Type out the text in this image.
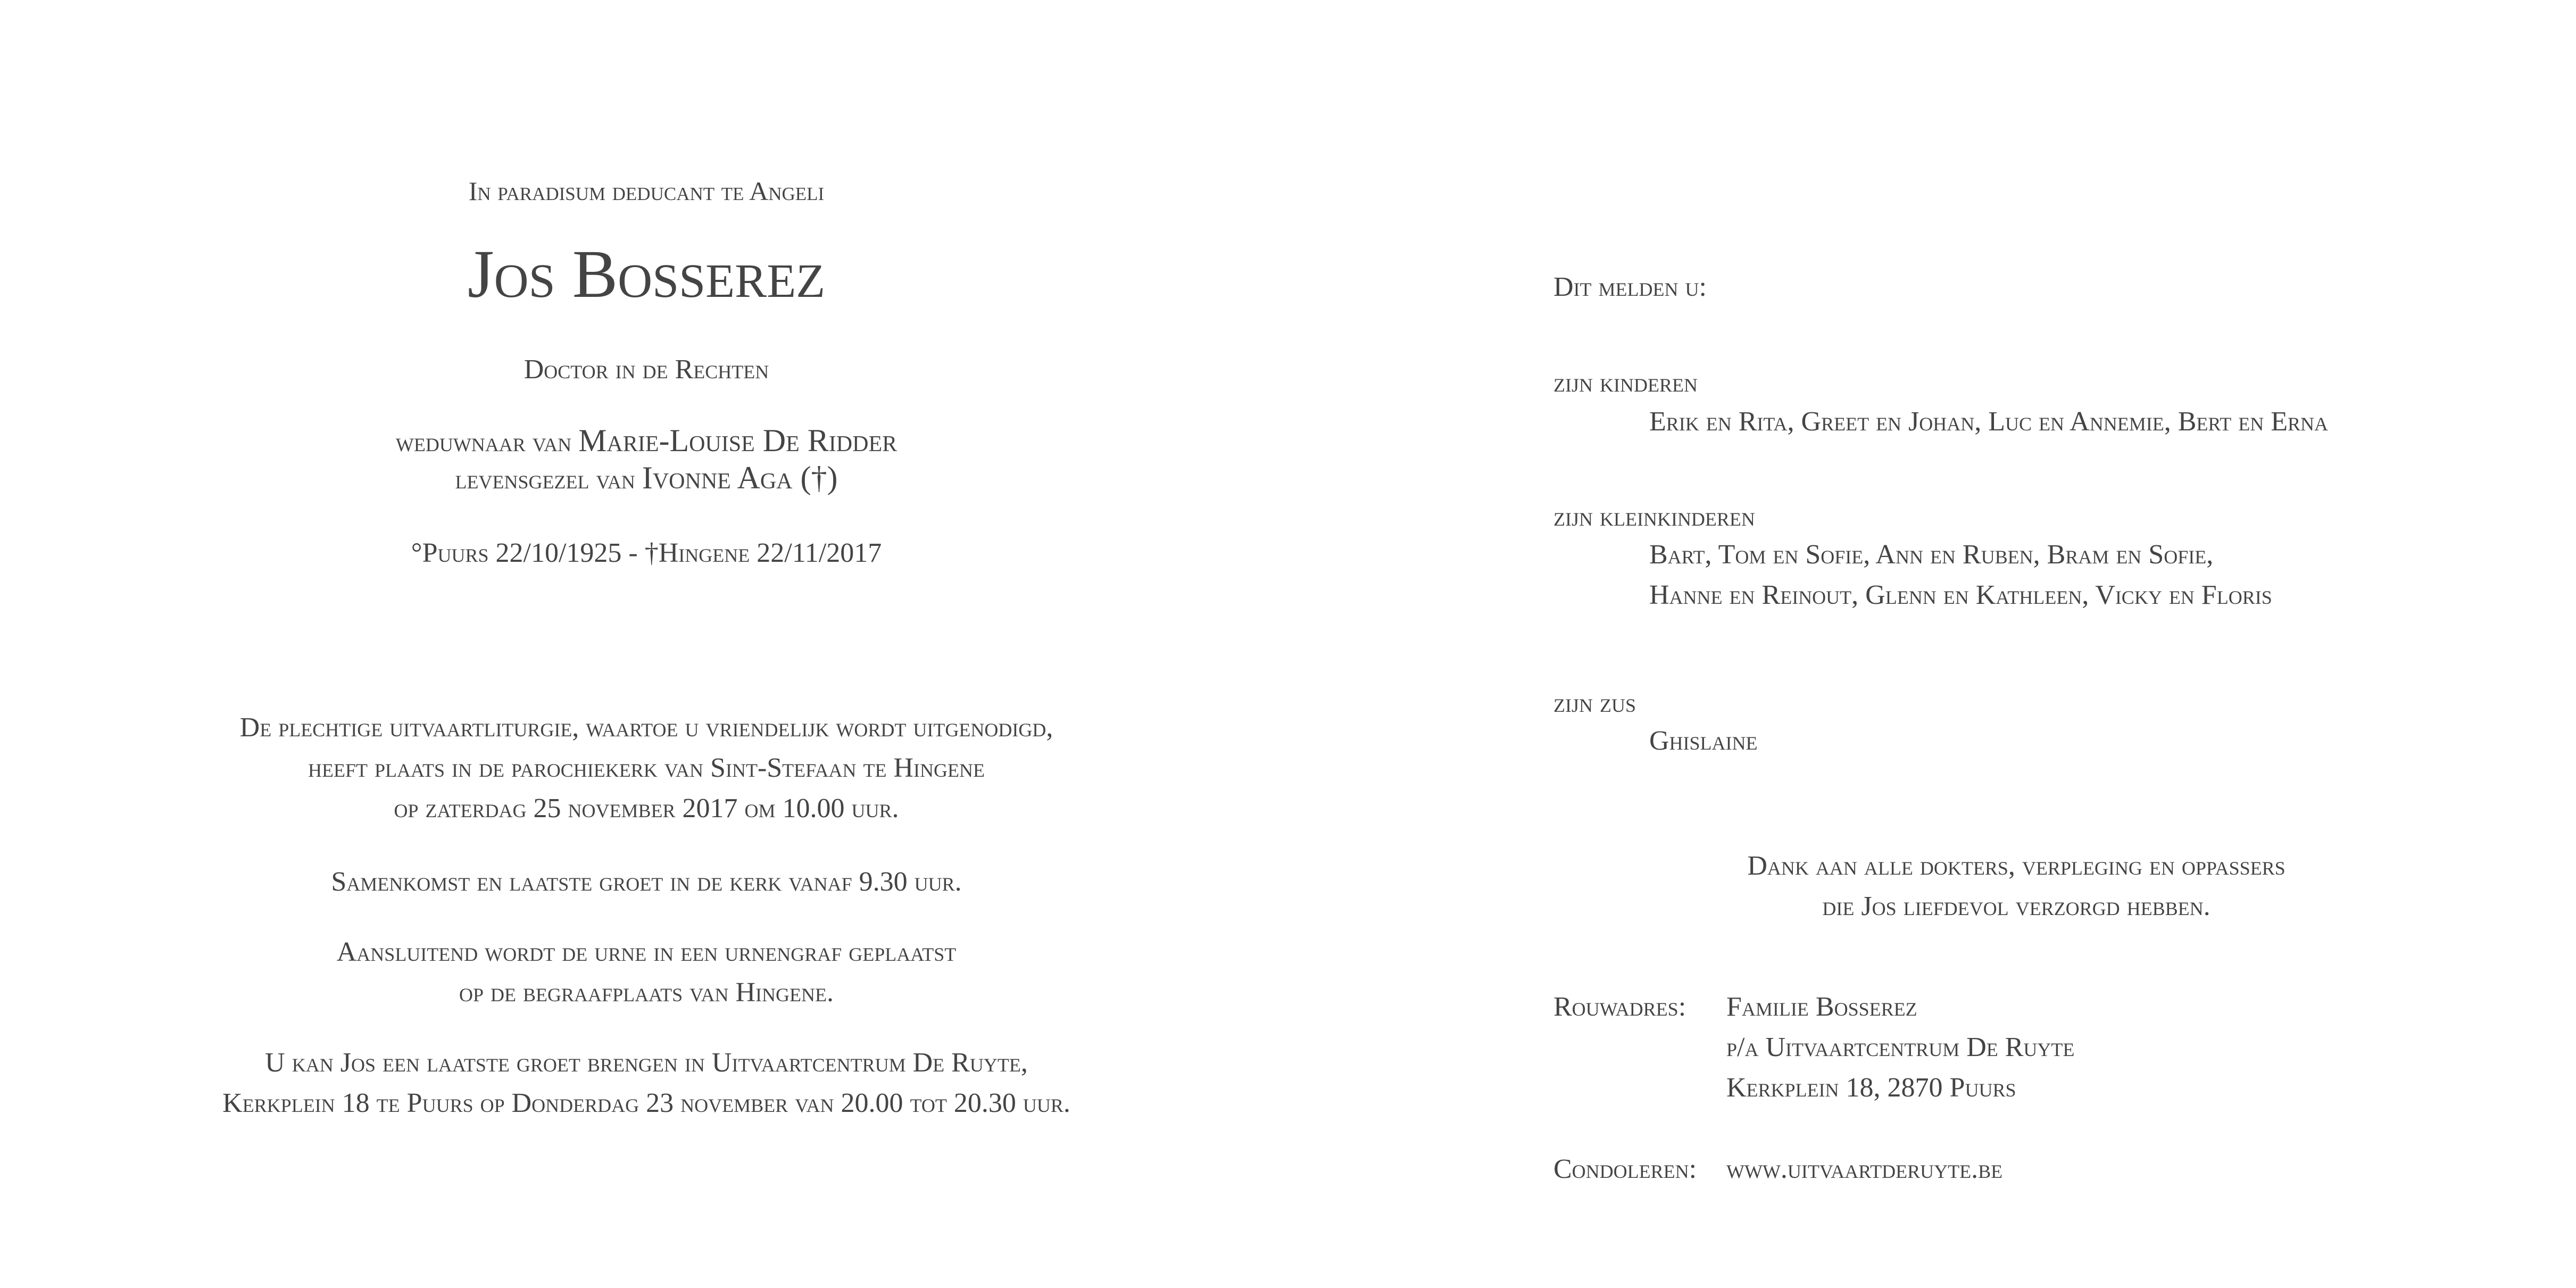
In paradisum deducant te Angeli
Jos Bosserez
Doctor in de Rechten
weduwnaar van Marie-Louise De Ridder
levensgezel van Ivonne Aga (†)
°Puurs 22/10/1925 - †Hingene 22/11/2017
De plechtige uitvaartliturgie, waartoe u vriendelijk wordt uitgenodigd,
heeft plaats in de parochiekerk van Sint-Stefaan te Hingene
op zaterdag 25 november 2017 om 10.00 uur.
Samenkomst en laatste groet in de kerk vanaf 9.30 uur.
Aansluitend wordt de urne in een urnengraf geplaatst
op de begraafplaats van Hingene.
U kan Jos een laatste groet brengen in Uitvaartcentrum De Ruyte,
Kerkplein 18 te Puurs op Donderdag 23 november van 20.00 tot 20.30 uur.
Dit melden u:
zijn kinderen
Erik en Rita, Greet en Johan, Luc en Annemie, Bert en Erna
zijn kleinkinderen
Bart, Tom en Sofie, Ann en Ruben, Bram en Sofie,
Hanne en Reinout, Glenn en Kathleen, Vicky en Floris
zijn zus
Ghislaine
Dank aan alle dokters, verpleging en oppassers
die Jos liefdevol verzorgd hebben.
Rouwadres: Familie Bosserez
p/a Uitvaartcentrum De Ruyte
Kerkplein 18, 2870 Puurs
Condoleren: www.uitvaartderuyte.be
